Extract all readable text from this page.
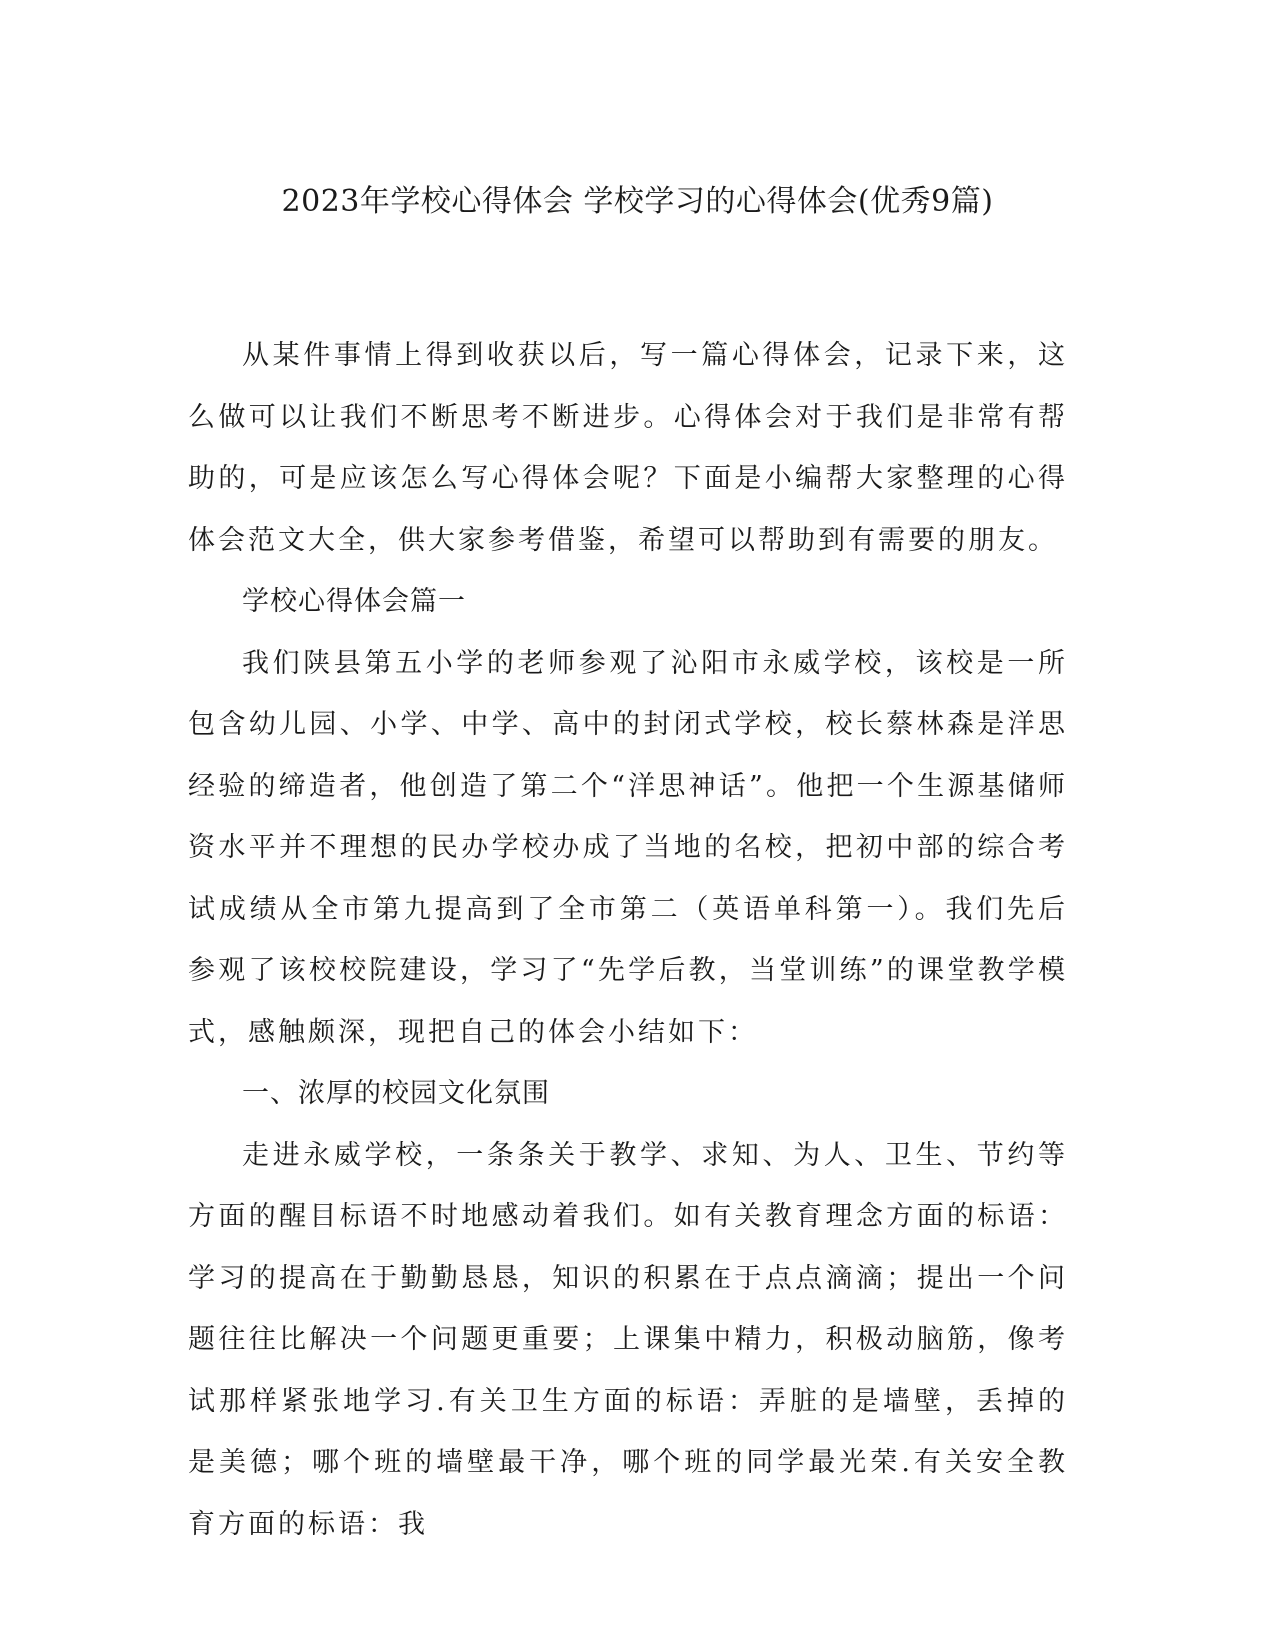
2023年学校心得体会 学校学习的心得体会(优秀9篇)

从某件事情上得到收获以后，写一篇心得体会，记录下来，这么做可以让我们不断思考不断进步。心得体会对于我们是非常有帮助的，可是应该怎么写心得体会呢？下面是小编帮大家整理的心得体会范文大全，供大家参考借鉴，希望可以帮助到有需要的朋友。

学校心得体会篇一

我们陕县第五小学的老师参观了沁阳市永威学校，该校是一所包含幼儿园、小学、中学、高中的封闭式学校，校长蔡林森是洋思经验的缔造者，他创造了第二个“洋思神话”。他把一个生源基储师资水平并不理想的民办学校办成了当地的名校，把初中部的综合考试成绩从全市第九提高到了全市第二（英语单科第一）。我们先后参观了该校校院建设，学习了“先学后教，当堂训练”的课堂教学模式，感触颇深，现把自己的体会小结如下：

一、浓厚的校园文化氛围

走进永威学校，一条条关于教学、求知、为人、卫生、节约等方面的醒目标语不时地感动着我们。如有关教育理念方面的标语：学习的提高在于勤勤恳恳，知识的积累在于点点滴滴；提出一个问题往往比解决一个问题更重要；上课集中精力，积极动脑筋，像考试那样紧张地学习.有关卫生方面的标语：弄脏的是墙壁，丢掉的是美德；哪个班的墙壁最干净，哪个班的同学最光荣.有关安全教育方面的标语：我
